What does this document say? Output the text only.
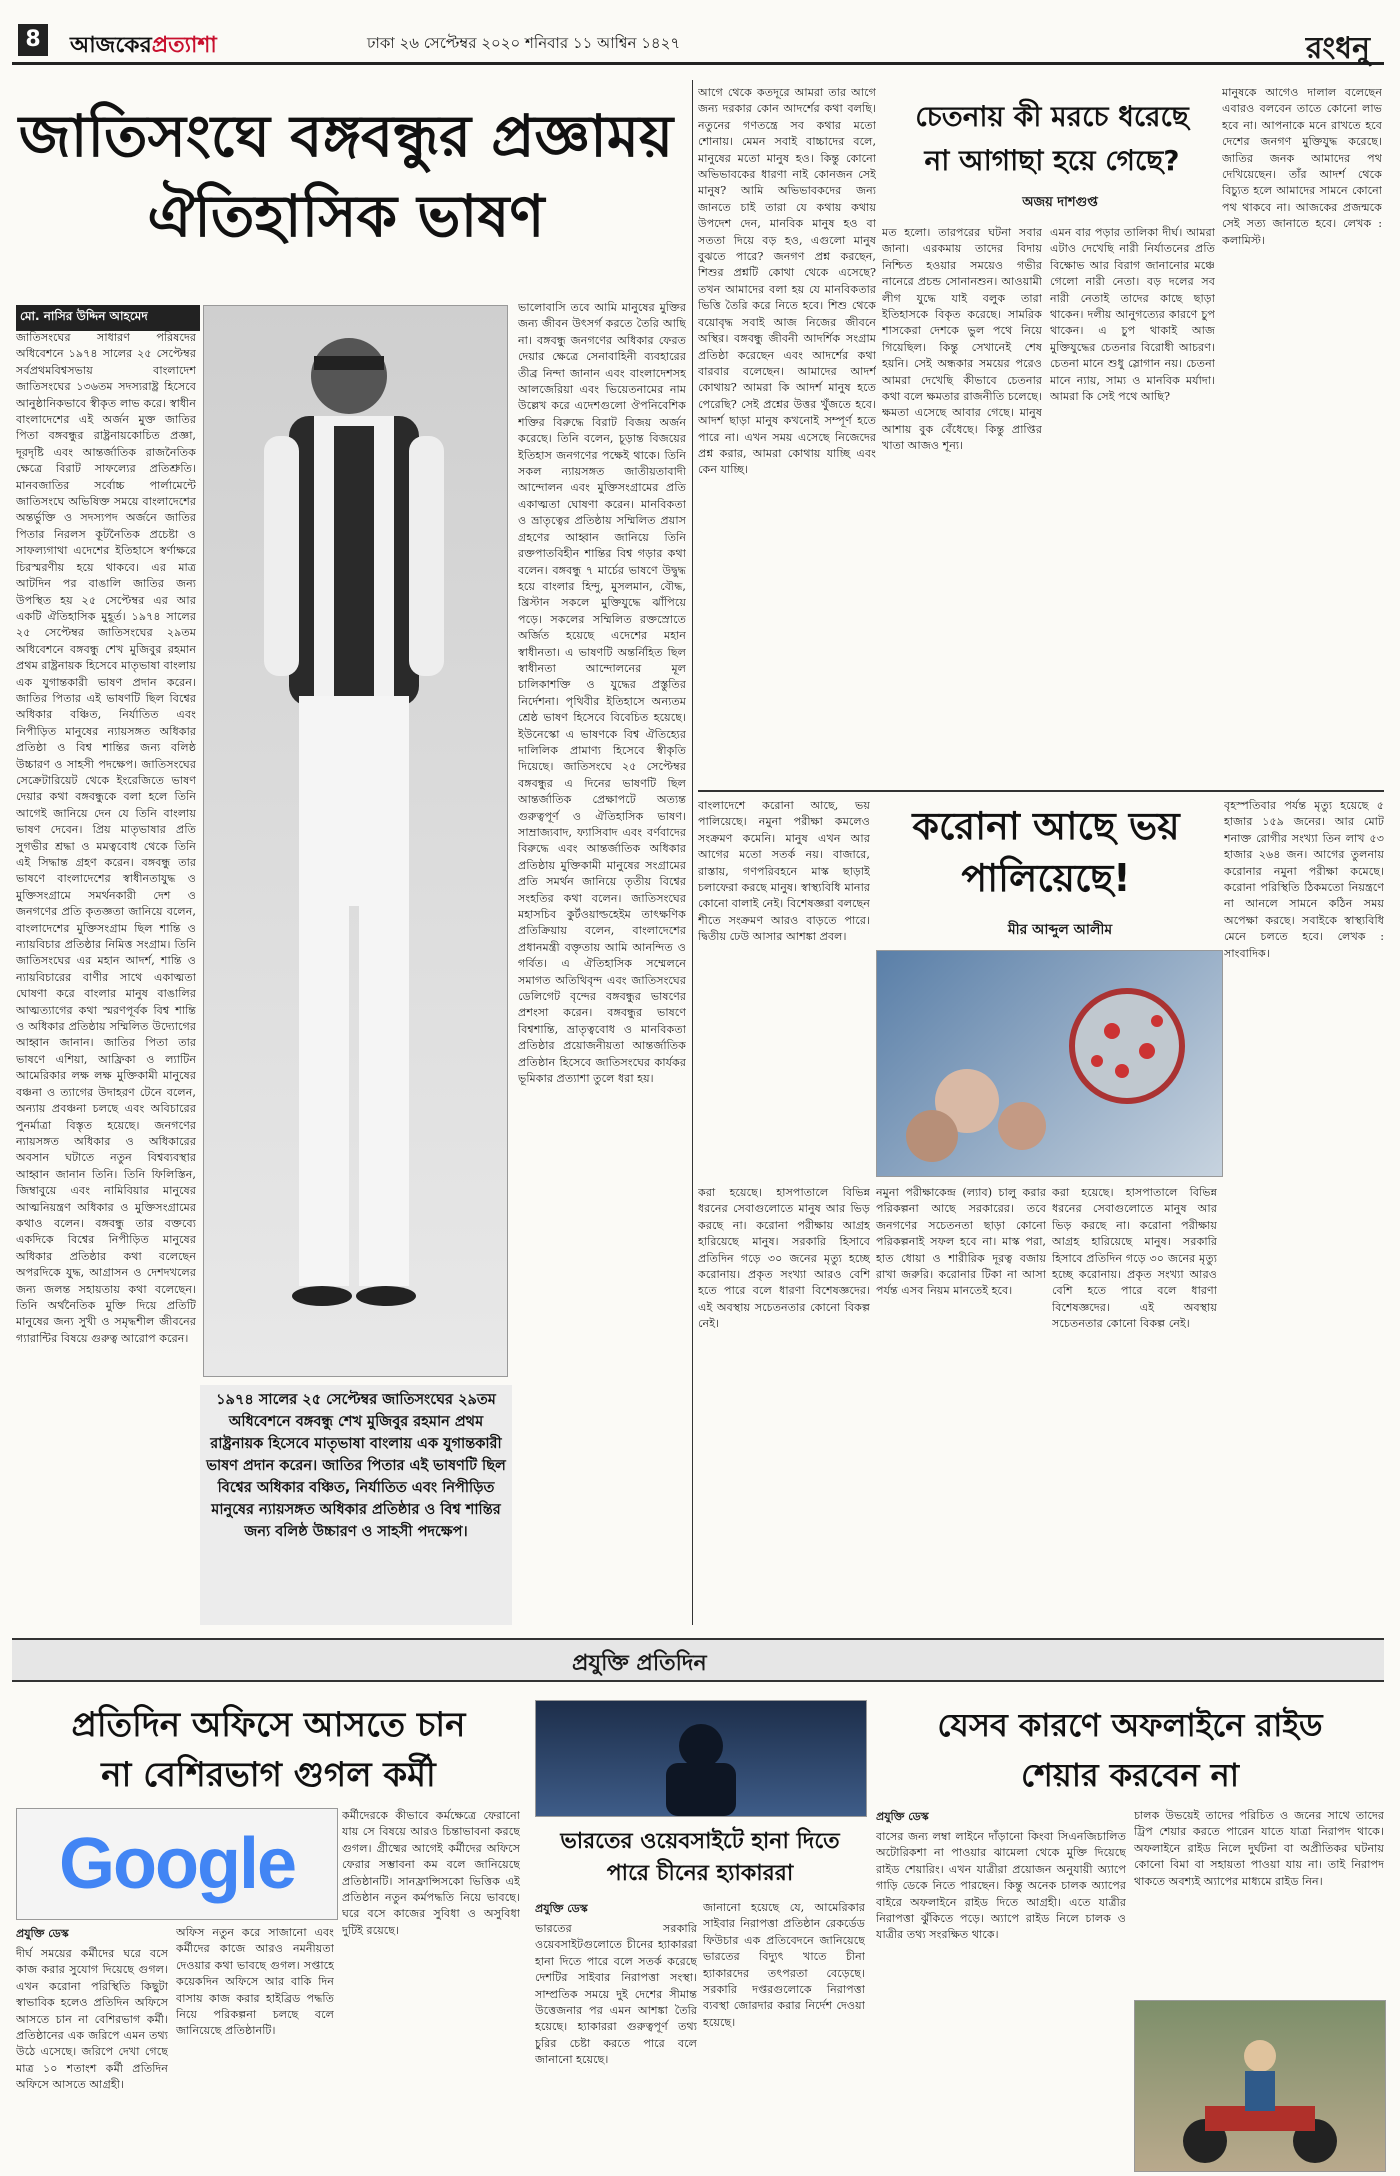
8	আজকেরপ্রত্যাশা	ঢাকা ২৬ সেপ্টেম্বর ২০২০ শনিবার ১১ আশ্বিন ১৪২৭	রংধনু
জাতিসংঘে বঙ্গবন্ধুর প্রজ্ঞাময়
ঐতিহাসিক ভাষণ
মো. নাসির উদ্দিন আহমেদ
জাতিসংঘের সাধারণ পরিষদের অধিবেশনে ১৯৭৪ সালের ২৫ সেপ্টেম্বর সর্বপ্রথমবিশ্বসভায় বাংলাদেশ জাতিসংঘের ১৩৬তম সদস্যরাষ্ট্র হিসেবে আনুষ্ঠানিকভাবে স্বীকৃত লাভ করে। স্বাধীন বাংলাদেশের এই অর্জন মুক্ত জাতির পিতা বঙ্গবন্ধুর রাষ্ট্রনায়কোচিত প্রজ্ঞা, দূরদৃষ্টি এবং আন্তর্জাতিক রাজনৈতিক ক্ষেত্রে বিরাট সাফল্যের প্রতিশ্রুতি। মানবজাতির সর্বোচ্চ পার্লামেন্টে জাতিসংঘে অভিষিক্ত সময়ে বাংলাদেশের অন্তর্ভুক্তি ও সদস্যপদ অর্জনে জাতির পিতার নিরলস কূটনৈতিক প্রচেষ্টা ও সাফল্যগাথা এদেশের ইতিহাসে স্বর্ণাক্ষরে চিরস্মরণীয় হয়ে থাকবে। এর মাত্র আটদিন পর বাঙালি জাতির জন্য উপস্থিত হয় ২৫ সেপ্টেম্বর এর আর একটি ঐতিহাসিক মুহূর্ত। ১৯৭৪ সালের ২৫ সেপ্টেম্বর জাতিসংঘের ২৯তম অধিবেশনে বঙ্গবন্ধু শেখ মুজিবুর রহমান প্রথম রাষ্ট্রনায়ক হিসেবে মাতৃভাষা বাংলায় এক যুগান্তকারী ভাষণ প্রদান করেন। জাতির পিতার এই ভাষণটি ছিল বিশ্বের অধিকার বঞ্চিত, নির্যাতিত এবং নিপীড়িত মানুষের ন্যায়সঙ্গত অধিকার প্রতিষ্ঠা ও বিশ্ব শান্তির জন্য বলিষ্ঠ উচ্চারণ ও সাহসী পদক্ষেপ। জাতিসংঘের সেক্রেটারিয়েট থেকে ইংরেজিতে ভাষণ দেয়ার কথা বঙ্গবন্ধুকে বলা হলে তিনি আগেই জানিয়ে দেন যে তিনি বাংলায় ভাষণ দেবেন। প্রিয় মাতৃভাষার প্রতি সুগভীর শ্রদ্ধা ও মমত্ববোধ থেকে তিনি এই সিদ্ধান্ত গ্রহণ করেন। বঙ্গবন্ধু তার ভাষণে বাংলাদেশের স্বাধীনতাযুদ্ধ ও মুক্তিসংগ্রামে সমর্থনকারী দেশ ও জনগণের প্রতি কৃতজ্ঞতা জানিয়ে বলেন, বাংলাদেশের মুক্তিসংগ্রাম ছিল শান্তি ও ন্যায়বিচার প্রতিষ্ঠার নিমিত্ত সংগ্রাম। তিনি জাতিসংঘের এর মহান আদর্শ, শান্তি ও ন্যায়বিচারের বাণীর সাথে একাত্মতা ঘোষণা করে বাংলার মানুষ বাঙালির আত্মত্যাগের কথা স্মরণপূর্বক বিশ্ব শান্তি ও অধিকার প্রতিষ্ঠায় সম্মিলিত উদ্যোগের আহ্বান জানান। জাতির পিতা তার ভাষণে এশিয়া, আফ্রিকা ও ল্যাটিন আমেরিকার লক্ষ লক্ষ মুক্তিকামী মানুষের বঞ্চনা ও ত্যাগের উদাহরণ টেনে বলেন, অন্যায় প্রবঞ্চনা চলছে এবং অবিচারের পুনর্মাত্রা বিস্তৃত হয়েছে। জনগণের ন্যায়সঙ্গত অধিকার ও অধিকারের অবসান ঘটাতে নতুন বিশ্বব্যবস্থার আহ্বান জানান তিনি। তিনি ফিলিস্তিন, জিম্বাবুয়ে এবং নামিবিয়ার মানুষের আত্মনিয়ন্ত্রণ অধিকার ও মুক্তিসংগ্রামের কথাও বলেন। বঙ্গবন্ধু তার বক্তব্যে একদিকে বিশ্বের নিপীড়িত মানুষের অধিকার প্রতিষ্ঠার কথা বলেছেন অপরদিকে যুদ্ধ, আগ্রাসন ও দেশদখলের জন্য জলন্ত সহায়তায় কথা বলেছেন। তিনি অর্থনৈতিক মুক্তি দিয়ে প্রতিটি মানুষের জন্য সুখী ও সমৃদ্ধশীল জীবনের গ্যারান্টির বিষয়ে গুরুত্ব আরোপ করেন।
১৯৭৪ সালের ২৫ সেপ্টেম্বর জাতিসংঘের ২৯তম অধিবেশনে বঙ্গবন্ধু শেখ মুজিবুর রহমান প্রথম রাষ্ট্রনায়ক হিসেবে মাতৃভাষা বাংলায় এক যুগান্তকারী ভাষণ প্রদান করেন। জাতির পিতার এই ভাষণটি ছিল বিশ্বের অধিকার বঞ্চিত, নির্যাতিত এবং নিপীড়িত মানুষের ন্যায়সঙ্গত অধিকার প্রতিষ্ঠার ও বিশ্ব শান্তির জন্য বলিষ্ঠ উচ্চারণ ও সাহসী পদক্ষেপ।
ভালোবাসি তবে আমি মানুষের মুক্তির জন্য জীবন উৎসর্গ করতে তৈরি আছি না। বঙ্গবন্ধু জনগণের অধিকার ফেরত দেয়ার ক্ষেত্রে সেনাবাহিনী ব্যবহারের তীব্র নিন্দা জানান এবং বাংলাদেশসহ আলজেরিয়া এবং ভিয়েতনামের নাম উল্লেখ করে এদেশগুলো ঔপনিবেশিক শক্তির বিরুদ্ধে বিরাট বিজয় অর্জন করেছে। তিনি বলেন, চূড়ান্ত বিজয়ের ইতিহাস জনগণের পক্ষেই থাকে। তিনি সকল ন্যায়সঙ্গত জাতীয়তাবাদী আন্দোলন এবং মুক্তিসংগ্রামের প্রতি একাত্মতা ঘোষণা করেন। মানবিকতা ও ভ্রাতৃত্বের প্রতিষ্ঠায় সম্মিলিত প্রয়াস গ্রহণের আহ্বান জানিয়ে তিনি রক্তপাতবিহীন শান্তির বিশ্ব গড়ার কথা বলেন। বঙ্গবন্ধু ৭ মার্চের ভাষণে উদ্বুদ্ধ হয়ে বাংলার হিন্দু, মুসলমান, বৌদ্ধ, খ্রিস্টান সকলে মুক্তিযুদ্ধে ঝাঁপিয়ে পড়ে। সকলের সম্মিলিত রক্তস্রোতে অর্জিত হয়েছে এদেশের মহান স্বাধীনতা। এ ভাষণটি অন্তর্নিহিত ছিল স্বাধীনতা আন্দোলনের মূল চালিকাশক্তি ও যুদ্ধের প্রস্তুতির নির্দেশনা। পৃথিবীর ইতিহাসে অন্যতম শ্রেষ্ঠ ভাষণ হিসেবে বিবেচিত হয়েছে। ইউনেস্কো এ ভাষণকে বিশ্ব ঐতিহ্যের দালিলিক প্রামাণ্য হিসেবে স্বীকৃতি দিয়েছে। জাতিসংঘে ২৫ সেপ্টেম্বর বঙ্গবন্ধুর এ দিনের ভাষণটি ছিল আন্তর্জাতিক প্রেক্ষাপটে অত্যন্ত গুরুত্বপূর্ণ ও ঐতিহাসিক ভাষণ। সাম্রাজ্যবাদ, ফ্যাসিবাদ এবং বর্ণবাদের বিরুদ্ধে এবং আন্তর্জাতিক অধিকার প্রতিষ্ঠায় মুক্তিকামী মানুষের সংগ্রামের প্রতি সমর্থন জানিয়ে তৃতীয় বিশ্বের সংহতির কথা বলেন। জাতিসংঘের মহাসচিব কুর্টওয়াল্ডহেইম তাৎক্ষণিক প্রতিক্রিয়ায় বলেন, বাংলাদেশের প্রধানমন্ত্রী বক্তৃতায় আমি আনন্দিত ও গর্বিত। এ ঐতিহাসিক সম্মেলনে সমাগত অতিথিবৃন্দ এবং জাতিসংঘের ডেলিগেট বৃন্দের বঙ্গবন্ধুর ভাষণের প্রশংসা করেন। বঙ্গবন্ধুর ভাষণে বিশ্বশান্তি, ভ্রাতৃত্ববোধ ও মানবিকতা প্রতিষ্ঠার প্রয়োজনীয়তা আন্তর্জাতিক প্রতিষ্ঠান হিসেবে জাতিসংঘের কার্যকর ভূমিকার প্রত্যাশা তুলে ধরা হয়।
আগে থেকে কতদূরে আমরা তার আগে জন্য দরকার কোন আদর্শের কথা বলছি। নতুনের গণতন্ত্রে সব কথার মতো শোনায়। মেমন সবাই বাচ্চাদের বলে, মানুষের মতো মানুষ হও। কিন্তু কোনো অভিভাবকের ধারণা নাই কোনজন সেই মানুষ? আমি অভিভাবকদের জন্য জানতে চাই তারা যে কথায় কথায় উপদেশ দেন, মানবিক মানুষ হও বা সততা দিয়ে বড় হও, এগুলো মানুষ বুঝতে পারে? জনগণ প্রশ্ন করছেন, শিশুর প্রশ্নটি কোথা থেকে এসেছে? তখন আমাদের বলা হয় যে মানবিকতার ভিত্তি তৈরি করে নিতে হবে। শিশু থেকে বয়োবৃদ্ধ সবাই আজ নিজের জীবনে অস্থির। বঙ্গবন্ধু জীবনী আদর্শিক সংগ্রাম প্রতিষ্ঠা করেছেন এবং আদর্শের কথা বারবার বলেছেন। আমাদের আদর্শ কোথায়? আমরা কি আদর্শ মানুষ হতে পেরেছি? সেই প্রশ্নের উত্তর খুঁজতে হবে। আদর্শ ছাড়া মানুষ কখনোই সম্পূর্ণ হতে পারে না। এখন সময় এসেছে নিজেদের প্রশ্ন করার, আমরা কোথায় যাচ্ছি এবং কেন যাচ্ছি।
চেতনায় কী মরচে ধরেছে
না আগাছা হয়ে গেছে?
অজয় দাশগুপ্ত
মত হলো। তারপরের ঘটনা সবার জানা। এরকমায় তাদের বিদায় নিশ্চিত হওয়ার সময়েও গভীর নানেরে প্রচন্ড সোনানশুন। আওয়ামী লীগ যুদ্ধে যাই বলুক তারা ইতিহাসকে বিকৃত করেছে। সামরিক শাসকেরা দেশকে ভুল পথে নিয়ে গিয়েছিল। কিন্তু সেখানেই শেষ হয়নি। সেই অন্ধকার সময়ের পরেও আমরা দেখেছি কীভাবে চেতনার কথা বলে ক্ষমতার রাজনীতি চলেছে। ক্ষমতা এসেছে আবার গেছে। মানুষ আশায় বুক বেঁধেছে। কিন্তু প্রাপ্তির খাতা আজও শূন্য।
এমন বার পড়ার তালিকা দীর্ঘ। আমরা এটাও দেখেছি নারী নির্যাতনের প্রতি বিক্ষোভ আর বিরাগ জানানোর মঞ্চে গেলো নারী নেতা। বড় দলের সব নারী নেতাই তাদের কাছে ছাড়া থাকেন। দলীয় আনুগত্যের কারণে চুপ থাকেন। এ চুপ থাকাই আজ মুক্তিযুদ্ধের চেতনার বিরোধী আচরণ। চেতনা মানে শুধু স্লোগান নয়। চেতনা মানে ন্যায়, সাম্য ও মানবিক মর্যাদা। আমরা কি সেই পথে আছি?
মানুষকে আগেও দালাল বলেছেন এবারও বলবেন তাতে কোনো লাভ হবে না। আপনাকে মনে রাখতে হবে দেশের জনগণ মুক্তিযুদ্ধ করেছে। জাতির জনক আমাদের পথ দেখিয়েছেন। তাঁর আদর্শ থেকে বিচ্যুত হলে আমাদের সামনে কোনো পথ থাকবে না। আজকের প্রজন্মকে সেই সত্য জানাতে হবে। লেখক : কলামিস্ট।
বাংলাদেশে করোনা আছে, ভয় পালিয়েছে। নমুনা পরীক্ষা কমলেও সংক্রমণ কমেনি। মানুষ এখন আর আগের মতো সতর্ক নয়। বাজারে, রাস্তায়, গণপরিবহনে মাস্ক ছাড়াই চলাফেরা করছে মানুষ। স্বাস্থ্যবিধি মানার কোনো বালাই নেই। বিশেষজ্ঞরা বলছেন শীতে সংক্রমণ আরও বাড়তে পারে। দ্বিতীয় ঢেউ আসার আশঙ্কা প্রবল।
করোনা আছে ভয়
পালিয়েছে!
মীর আব্দুল আলীম
বৃহস্পতিবার পর্যন্ত মৃত্যু হয়েছে ৫ হাজার ১৫৯ জনের। আর মোট শনাক্ত রোগীর সংখ্যা তিন লাখ ৫৩ হাজার ২৬৪ জন। আগের তুলনায় করোনার নমুনা পরীক্ষা কমেছে। করোনা পরিস্থিতি ঠিকমতো নিয়ন্ত্রণে না আনলে সামনে কঠিন সময় অপেক্ষা করছে। সবাইকে স্বাস্থ্যবিধি মেনে চলতে হবে। লেখক : সাংবাদিক।
করা হয়েছে। হাসপাতালে বিভিন্ন ধরনের সেবাগুলোতে মানুষ আর ভিড় করছে না। করোনা পরীক্ষায় আগ্রহ হারিয়েছে মানুষ। সরকারি হিসাবে প্রতিদিন গড়ে ৩০ জনের মৃত্যু হচ্ছে করোনায়। প্রকৃত সংখ্যা আরও বেশি হতে পারে বলে ধারণা বিশেষজ্ঞদের। এই অবস্থায় সচেতনতার কোনো বিকল্প নেই।
নমুনা পরীক্ষাকেন্দ্র (ল্যাব) চালু করার পরিকল্পনা আছে সরকারের। তবে জনগণের সচেতনতা ছাড়া কোনো পরিকল্পনাই সফল হবে না। মাস্ক পরা, হাত ধোয়া ও শারীরিক দূরত্ব বজায় রাখা জরুরি। করোনার টিকা না আসা পর্যন্ত এসব নিয়ম মানতেই হবে।
করা হয়েছে। হাসপাতালে বিভিন্ন ধরনের সেবাগুলোতে মানুষ আর ভিড় করছে না। করোনা পরীক্ষায় আগ্রহ হারিয়েছে মানুষ। সরকারি হিসাবে প্রতিদিন গড়ে ৩০ জনের মৃত্যু হচ্ছে করোনায়। প্রকৃত সংখ্যা আরও বেশি হতে পারে বলে ধারণা বিশেষজ্ঞদের। এই অবস্থায় সচেতনতার কোনো বিকল্প নেই।
প্রযুক্তি প্রতিদিন
প্রতিদিন অফিসে আসতে চান
না বেশিরভাগ গুগল কর্মী
Google
প্রযুক্তি ডেস্ক
দীর্ঘ সময়ের কর্মীদের ঘরে বসে কাজ করার সুযোগ দিয়েছে গুগল। এখন করোনা পরিস্থিতি কিছুটা স্বাভাবিক হলেও প্রতিদিন অফিসে আসতে চান না বেশিরভাগ কর্মী। প্রতিষ্ঠানের এক জরিপে এমন তথ্য উঠে এসেছে। জরিপে দেখা গেছে মাত্র ১০ শতাংশ কর্মী প্রতিদিন অফিসে আসতে আগ্রহী।
অফিস নতুন করে সাজানো এবং কর্মীদের কাজে আরও নমনীয়তা দেওয়ার কথা ভাবছে গুগল। সপ্তাহে কয়েকদিন অফিসে আর বাকি দিন বাসায় কাজ করার হাইব্রিড পদ্ধতি নিয়ে পরিকল্পনা চলছে বলে জানিয়েছে প্রতিষ্ঠানটি।
কর্মীদেরকে কীভাবে কর্মক্ষেত্রে ফেরানো যায় সে বিষয়ে আরও চিন্তাভাবনা করছে গুগল। গ্রীষ্মের আগেই কর্মীদের অফিসে ফেরার সম্ভাবনা কম বলে জানিয়েছে প্রতিষ্ঠানটি। সানফ্রান্সিসকো ভিত্তিক এই প্রতিষ্ঠান নতুন কর্মপদ্ধতি নিয়ে ভাবছে। ঘরে বসে কাজের সুবিধা ও অসুবিধা দুটিই রয়েছে।
ভারতের ওয়েবসাইটে হানা দিতে
পারে চীনের হ্যাকাররা
প্রযুক্তি ডেস্ক
ভারতের সরকারি ওয়েবসাইটগুলোতে চীনের হ্যাকাররা হানা দিতে পারে বলে সতর্ক করেছে দেশটির সাইবার নিরাপত্তা সংস্থা। সাম্প্রতিক সময়ে দুই দেশের সীমান্ত উত্তেজনার পর এমন আশঙ্কা তৈরি হয়েছে। হ্যাকাররা গুরুত্বপূর্ণ তথ্য চুরির চেষ্টা করতে পারে বলে জানানো হয়েছে।
জানানো হয়েছে যে, আমেরিকার সাইবার নিরাপত্তা প্রতিষ্ঠান রেকর্ডেড ফিউচার এক প্রতিবেদনে জানিয়েছে ভারতের বিদ্যুৎ খাতে চীনা হ্যাকারদের তৎপরতা বেড়েছে। সরকারি দপ্তরগুলোকে নিরাপত্তা ব্যবস্থা জোরদার করার নির্দেশ দেওয়া হয়েছে।
যেসব কারণে অফলাইনে রাইড
শেয়ার করবেন না
প্রযুক্তি ডেস্ক
বাসের জন্য লম্বা লাইনে দাঁড়ানো কিংবা সিএনজিচালিত অটোরিকশা না পাওয়ার ঝামেলা থেকে মুক্তি দিয়েছে রাইড শেয়ারিং। এখন যাত্রীরা প্রয়োজন অনুযায়ী অ্যাপে গাড়ি ডেকে নিতে পারছেন। কিন্তু অনেক চালক অ্যাপের বাইরে অফলাইনে রাইড দিতে আগ্রহী। এতে যাত্রীর নিরাপত্তা ঝুঁকিতে পড়ে। অ্যাপে রাইড নিলে চালক ও যাত্রীর তথ্য সংরক্ষিত থাকে।
চালক উভয়েই তাদের পরিচিত ও জনের সাথে তাদের ট্রিপ শেয়ার করতে পারেন যাতে যাত্রা নিরাপদ থাকে। অফলাইনে রাইড নিলে দুর্ঘটনা বা অপ্রীতিকর ঘটনায় কোনো বিমা বা সহায়তা পাওয়া যায় না। তাই নিরাপদ থাকতে অবশ্যই অ্যাপের মাধ্যমে রাইড নিন।
